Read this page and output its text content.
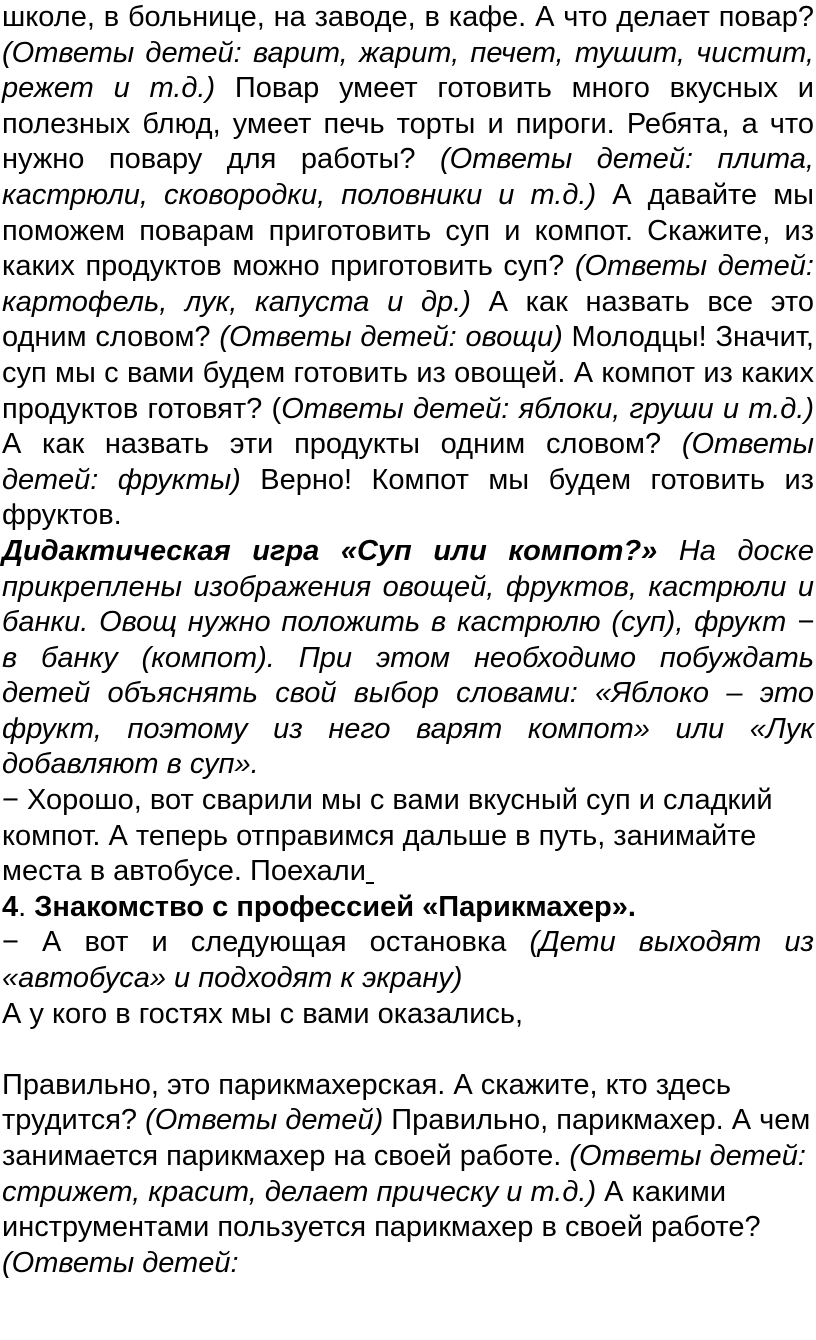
школе, в больнице, на заводе, в кафе. А что делает повар? (Ответы детей: варит, жарит, печет, тушит, чистит, режет и т.д.) Повар умеет готовить много вкусных и полезных блюд, умеет печь торты и пироги. Ребята, а что нужно повару для работы? (Ответы детей: плита, кастрюли, сковородки, половники и т.д.) А давайте мы поможем поварам приготовить суп и компот. Скажите, из каких продуктов можно приготовить суп? (Ответы детей: картофель, лук, капуста и др.) А как назвать все это одним словом? (Ответы детей: овощи) Молодцы! Значит, суп мы с вами будем готовить из овощей. А компот из каких продуктов готовят? (Ответы детей: яблоки, груши и т.д.) А как назвать эти продукты одним словом? (Ответы детей: фрукты) Верно! Компот мы будем готовить из фруктов.

Дидактическая игра «Суп или компот?» На доске прикреплены изображения овощей, фруктов, кастрюли и банки. Овощ нужно положить в кастрюлю (суп), фрукт − в банку (компот). При этом необходимо побуждать детей объяснять свой выбор словами: «Яблоко – это фрукт, поэтому из него варят компот» или «Лук добавляют в суп».

− Хорошо, вот сварили мы с вами вкусный суп и сладкий компот. А теперь отправимся дальше в путь, занимайте места в автобусе. Поехали

4. Знакомство с профессией «Парикмахер».

− А вот и следующая остановка (Дети выходят из «автобуса» и подходят к экрану)

А у кого в гостях мы с вами оказались,

Правильно, это парикмахерская. А скажите, кто здесь трудится? (Ответы детей) Правильно, парикмахер. А чем занимается парикмахер на своей работе. (Ответы детей: стрижет, красит, делает прическу и т.д.) А какими инструментами пользуется парикмахер в своей работе? (Ответы детей:
